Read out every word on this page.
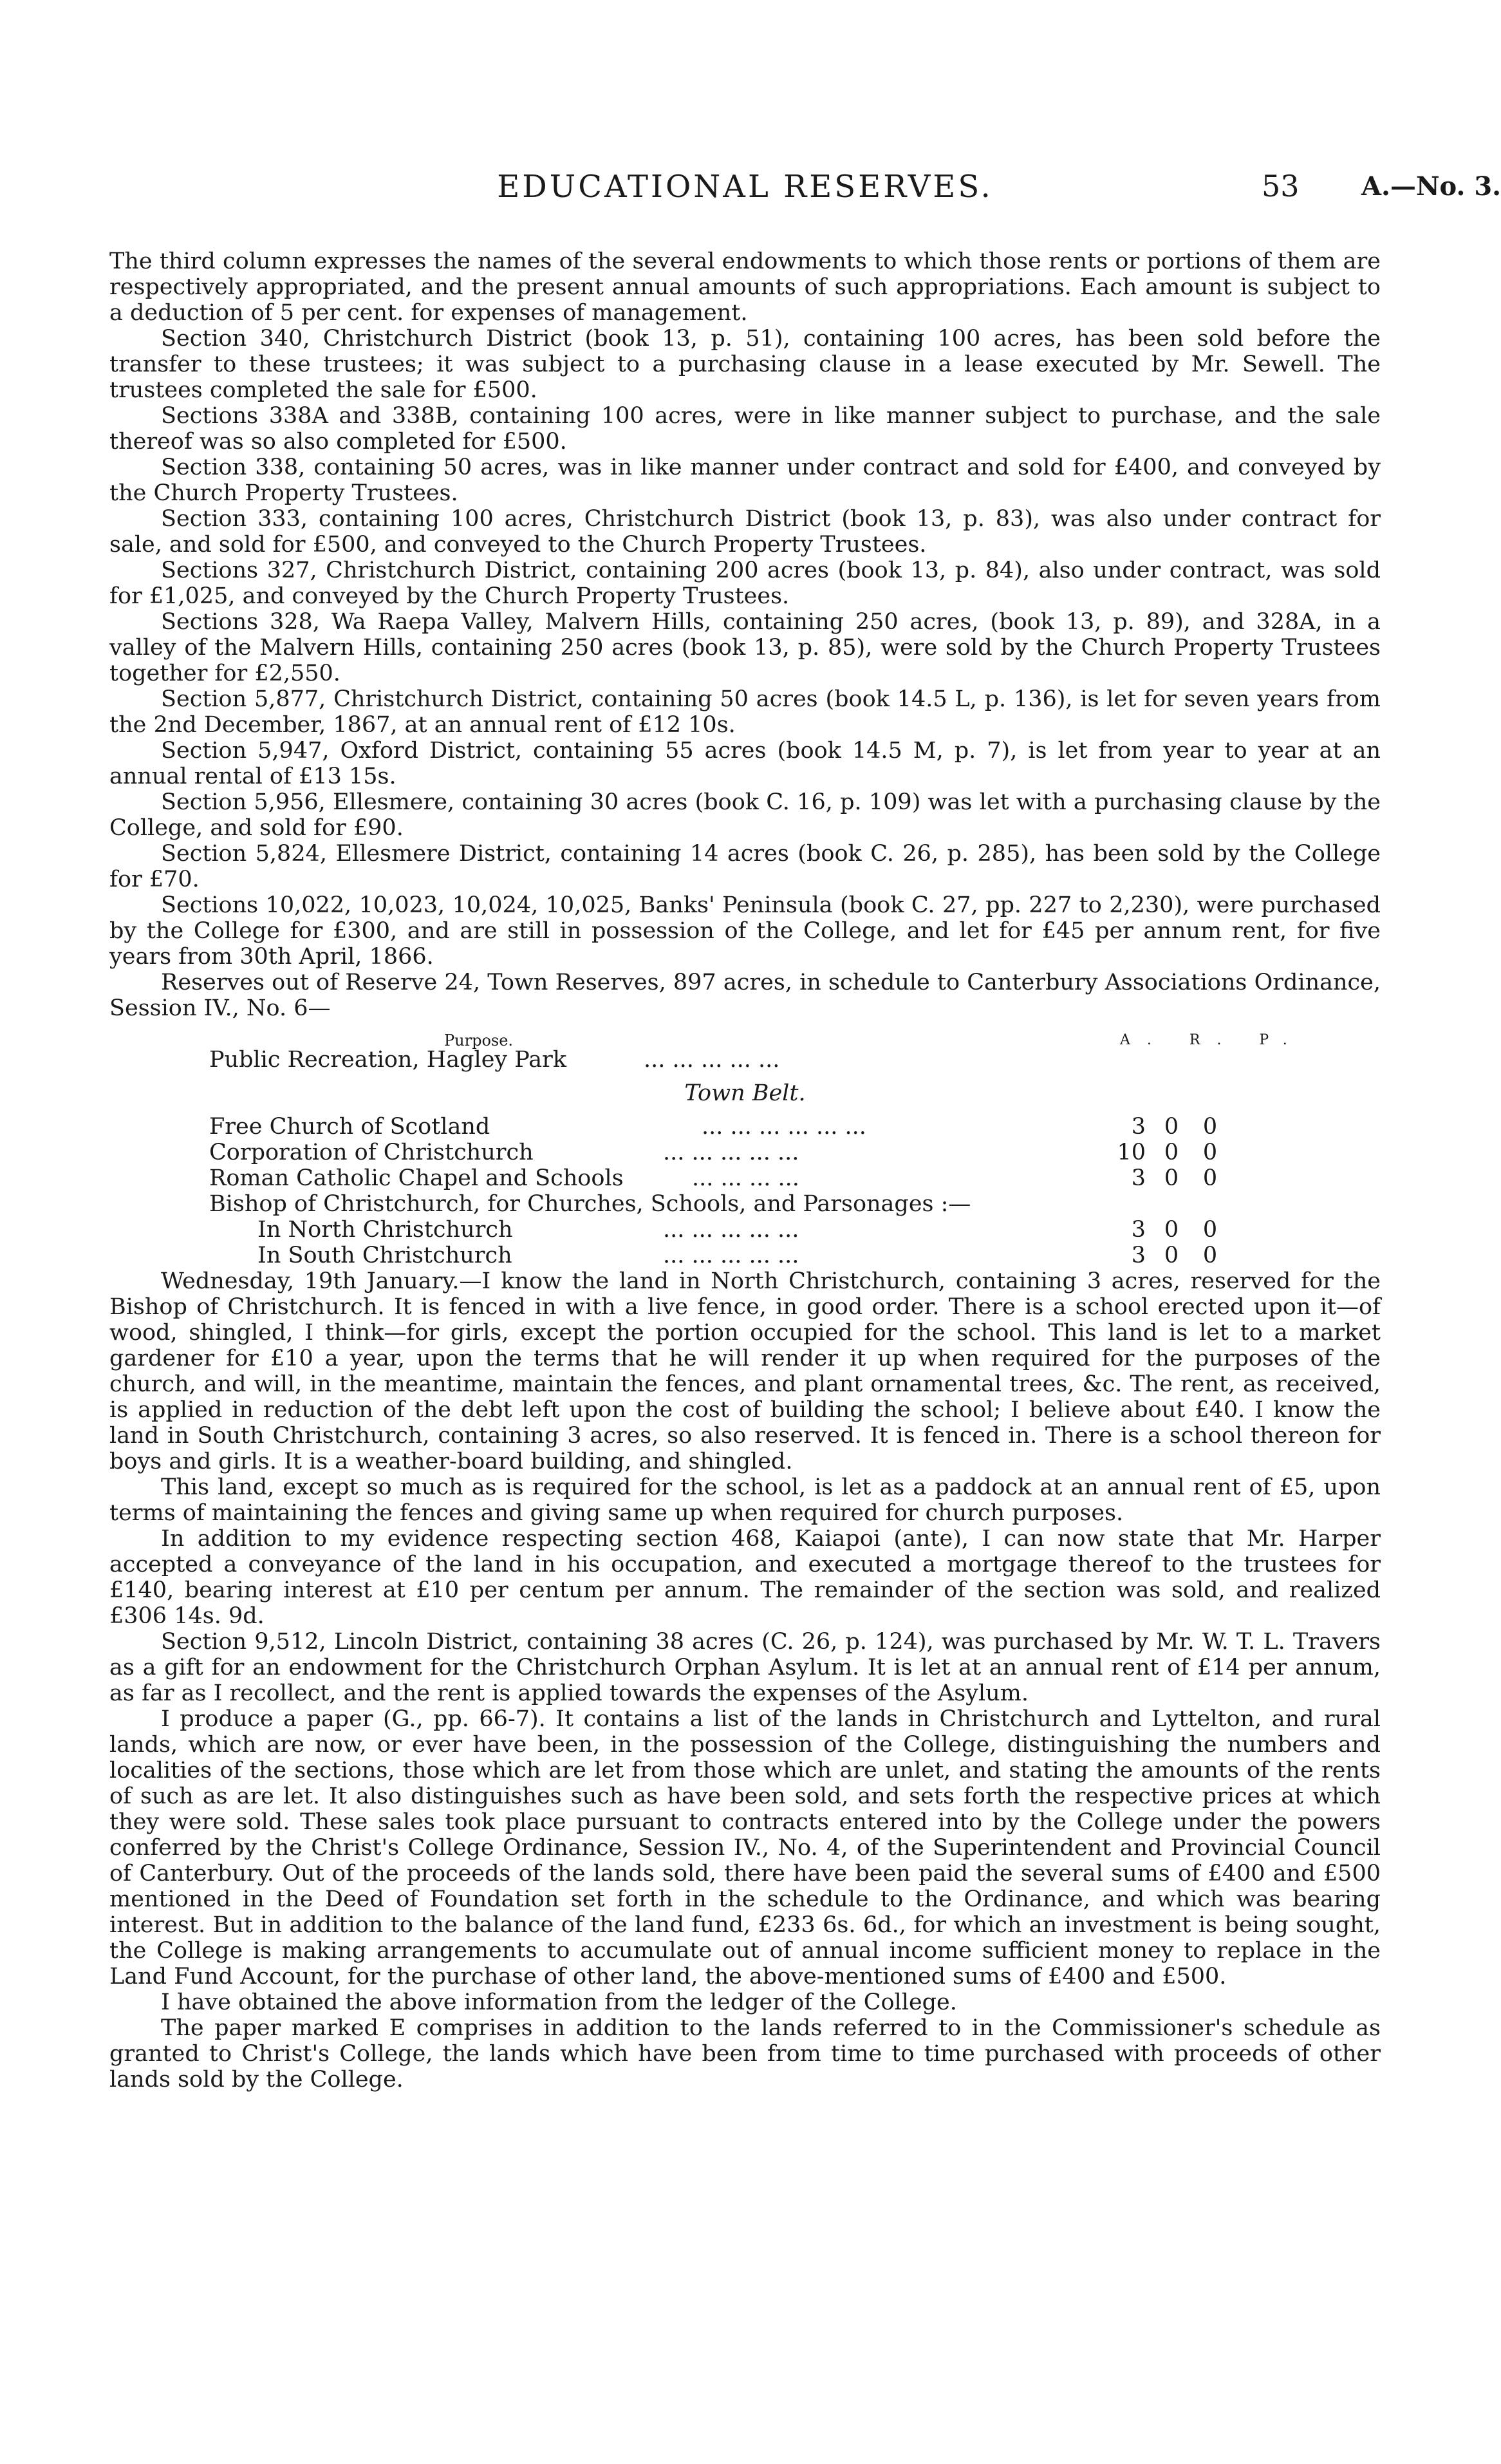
EDUCATIONAL RESERVES.	53 A.—No. 3.

The third column expresses the names of the several endowments to which those rents or portions of them are respectively appropriated, and the present annual amounts of such appropriations. Each amount is subject to a deduction of 5 per cent. for expenses of management.

Section 340, Christchurch District (book 13, p. 51), containing 100 acres, has been sold before the transfer to these trustees; it was subject to a purchasing clause in a lease executed by Mr. Sewell. The trustees completed the sale for £500.

Sections 338A and 338B, containing 100 acres, were in like manner subject to purchase, and the sale thereof was so also completed for £500.

Section 338, containing 50 acres, was in like manner under contract and sold for £400, and conveyed by the Church Property Trustees.

Section 333, containing 100 acres, Christchurch District (book 13, p. 83), was also under contract for sale, and sold for £500, and conveyed to the Church Property Trustees.

Sections 327, Christchurch District, containing 200 acres (book 13, p. 84), also under contract, was sold for £1,025, and conveyed by the Church Property Trustees.

Sections 328, Wa Raepa Valley, Malvern Hills, containing 250 acres, (book 13, p. 89), and 328A, in a valley of the Malvern Hills, containing 250 acres (book 13, p. 85), were sold by the Church Property Trustees together for £2,550.

Section 5,877, Christchurch District, containing 50 acres (book 14.5 L, p. 136), is let for seven years from the 2nd December, 1867, at an annual rent of £12 10s.

Section 5,947, Oxford District, containing 55 acres (book 14.5 M, p. 7), is let from year to year at an annual rental of £13 15s.

Section 5,956, Ellesmere, containing 30 acres (book C. 16, p. 109) was let with a purchasing clause by the College, and sold for £90.

Section 5,824, Ellesmere District, containing 14 acres (book C. 26, p. 285), has been sold by the College for £70.

Sections 10,022, 10,023, 10,024, 10,025, Banks' Peninsula (book C. 27, pp. 227 to 2,230), were purchased by the College for £300, and are still in possession of the College, and let for £45 per annum rent, for five years from 30th April, 1866.

Reserves out of Reserve 24, Town Reserves, 897 acres, in schedule to Canterbury Associations Ordinance, Session IV., No. 6—

Purpose.	A. R. P.
Public Recreation, Hagley Park	... ... ... ... ...
Town Belt.
Free Church of Scotland	... ... ... ... ... ...	3 0 0
Corporation of Christchurch	... ... ... ... ...	10 0 0
Roman Catholic Chapel and Schools	... ... ... ...	3 0 0
Bishop of Christchurch, for Churches, Schools, and Parsonages :—
In North Christchurch	... ... ... ... ...	3 0 0
In South Christchurch	... ... ... ... ...	3 0 0

Wednesday, 19th January.—I know the land in North Christchurch, containing 3 acres, reserved for the Bishop of Christchurch. It is fenced in with a live fence, in good order. There is a school erected upon it—of wood, shingled, I think—for girls, except the portion occupied for the school. This land is let to a market gardener for £10 a year, upon the terms that he will render it up when required for the purposes of the church, and will, in the meantime, maintain the fences, and plant ornamental trees, &c. The rent, as received, is applied in reduction of the debt left upon the cost of building the school; I believe about £40. I know the land in South Christchurch, containing 3 acres, so also reserved. It is fenced in. There is a school thereon for boys and girls. It is a weather-board building, and shingled.

This land, except so much as is required for the school, is let as a paddock at an annual rent of £5, upon terms of maintaining the fences and giving same up when required for church purposes.

In addition to my evidence respecting section 468, Kaiapoi (ante), I can now state that Mr. Harper accepted a conveyance of the land in his occupation, and executed a mortgage thereof to the trustees for £140, bearing interest at £10 per centum per annum. The remainder of the section was sold, and realized £306 14s. 9d.

Section 9,512, Lincoln District, containing 38 acres (C. 26, p. 124), was purchased by Mr. W. T. L. Travers as a gift for an endowment for the Christchurch Orphan Asylum. It is let at an annual rent of £14 per annum, as far as I recollect, and the rent is applied towards the expenses of the Asylum.

I produce a paper (G., pp. 66-7). It contains a list of the lands in Christchurch and Lyttelton, and rural lands, which are now, or ever have been, in the possession of the College, distinguishing the numbers and localities of the sections, those which are let from those which are unlet, and stating the amounts of the rents of such as are let. It also distinguishes such as have been sold, and sets forth the respective prices at which they were sold. These sales took place pursuant to contracts entered into by the College under the powers conferred by the Christ's College Ordinance, Session IV., No. 4, of the Superintendent and Provincial Council of Canterbury. Out of the proceeds of the lands sold, there have been paid the several sums of £400 and £500 mentioned in the Deed of Foundation set forth in the schedule to the Ordinance, and which was bearing interest. But in addition to the balance of the land fund, £233 6s. 6d., for which an investment is being sought, the College is making arrangements to accumulate out of annual income sufficient money to replace in the Land Fund Account, for the purchase of other land, the above-mentioned sums of £400 and £500.

I have obtained the above information from the ledger of the College.

The paper marked E comprises in addition to the lands referred to in the Commissioner's schedule as granted to Christ's College, the lands which have been from time to time purchased with proceeds of other lands sold by the College.
